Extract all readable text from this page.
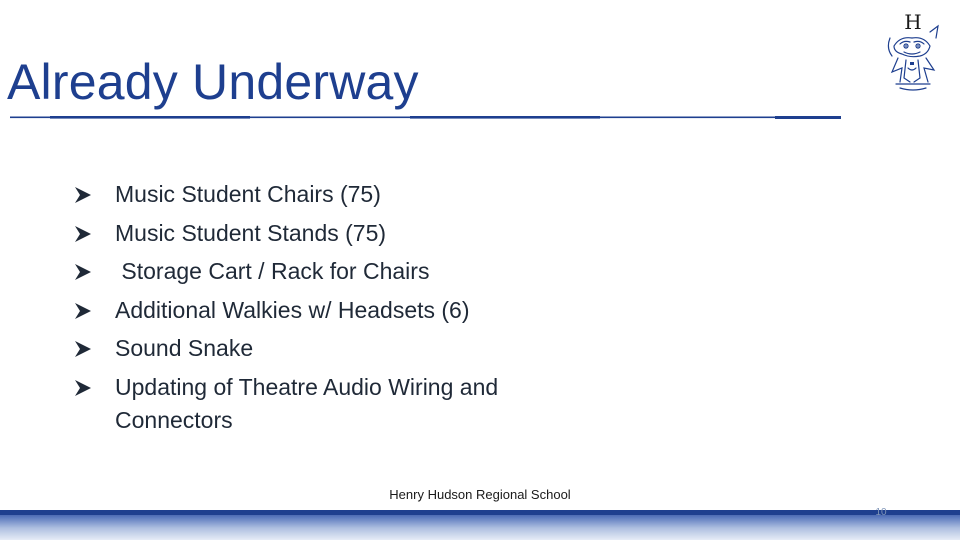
Already Underway
H
Music Student Chairs (75)
Music Student Stands (75)
Storage Cart / Rack for Chairs
Additional Walkies w/ Headsets (6)
Sound Snake
Updating of Theatre Audio Wiring and Connectors
Henry Hudson Regional School
10
